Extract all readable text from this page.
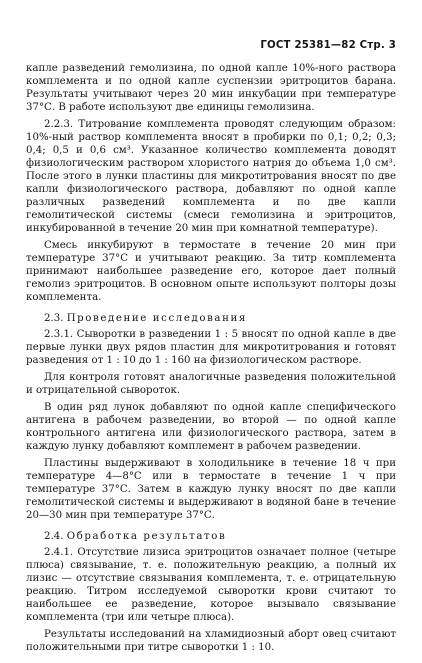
ГОСТ 25381—82 Стр. 3

капле разведений гемолизина, по одной капле 10%-ного раствора комплемента и по одной капле суспензии эритроцитов барана. Результаты учитывают через 20 мин инкубации при температуре 37°С. В работе используют две единицы гемолизина.

2.2.3. Титрование комплемента проводят следующим образом: 10%-ный раствор комплемента вносят в пробирки по 0,1; 0,2; 0,3; 0,4; 0,5 и 0,6 см³. Указанное количество комплемента доводят физиологическим раствором хлористого натрия до объема 1,0 см³. После этого в лунки пластины для микротитрования вносят по две капли физиологического раствора, добавляют по одной капле различных разведений комплемента и по две капли гемолитической системы (смеси гемолизина и эритроцитов, инкубированной в течение 20 мин при комнатной температуре).

Смесь инкубируют в термостате в течение 20 мин при температуре 37°С и учитывают реакцию. За титр комплемента принимают наибольшее разведение его, которое дает полный гемолиз эритроцитов. В основном опыте используют полторы дозы комплемента.

2.3. Проведение исследования

2.3.1. Сыворотки в разведении 1 : 5 вносят по одной капле в две первые лунки двух рядов пластин для микротитрования и готовят разведения от 1 : 10 до 1 : 160 на физиологическом растворе.

Для контроля готовят аналогичные разведения положительной и отрицательной сывороток.

В один ряд лунок добавляют по одной капле специфического антигена в рабочем разведении, во второй — по одной капле контрольного антигена или физиологического раствора, затем в каждую лунку добавляют комплемент в рабочем разведении.

Пластины выдерживают в холодильнике в течение 18 ч при температуре 4—8°С или в термостате в течение 1 ч при температуре 37°С. Затем в каждую лунку вносят по две капли гемолитической системы и выдерживают в водяной бане в течение 20—30 мин при температуре 37°С.

2.4. Обработка результатов

2.4.1. Отсутствие лизиса эритроцитов означает полное (четыре плюса) связывание, т. е. положительную реакцию, а полный их лизис — отсутствие связывания комплемента, т. е. отрицательную реакцию. Титром исследуемой сыворотки крови считают то наибольшее ее разведение, которое вызывало связывание комплемента (три или четыре плюса).

Результаты исследований на хламидиозный аборт овец считают положительными при титре сыворотки 1 : 10.
